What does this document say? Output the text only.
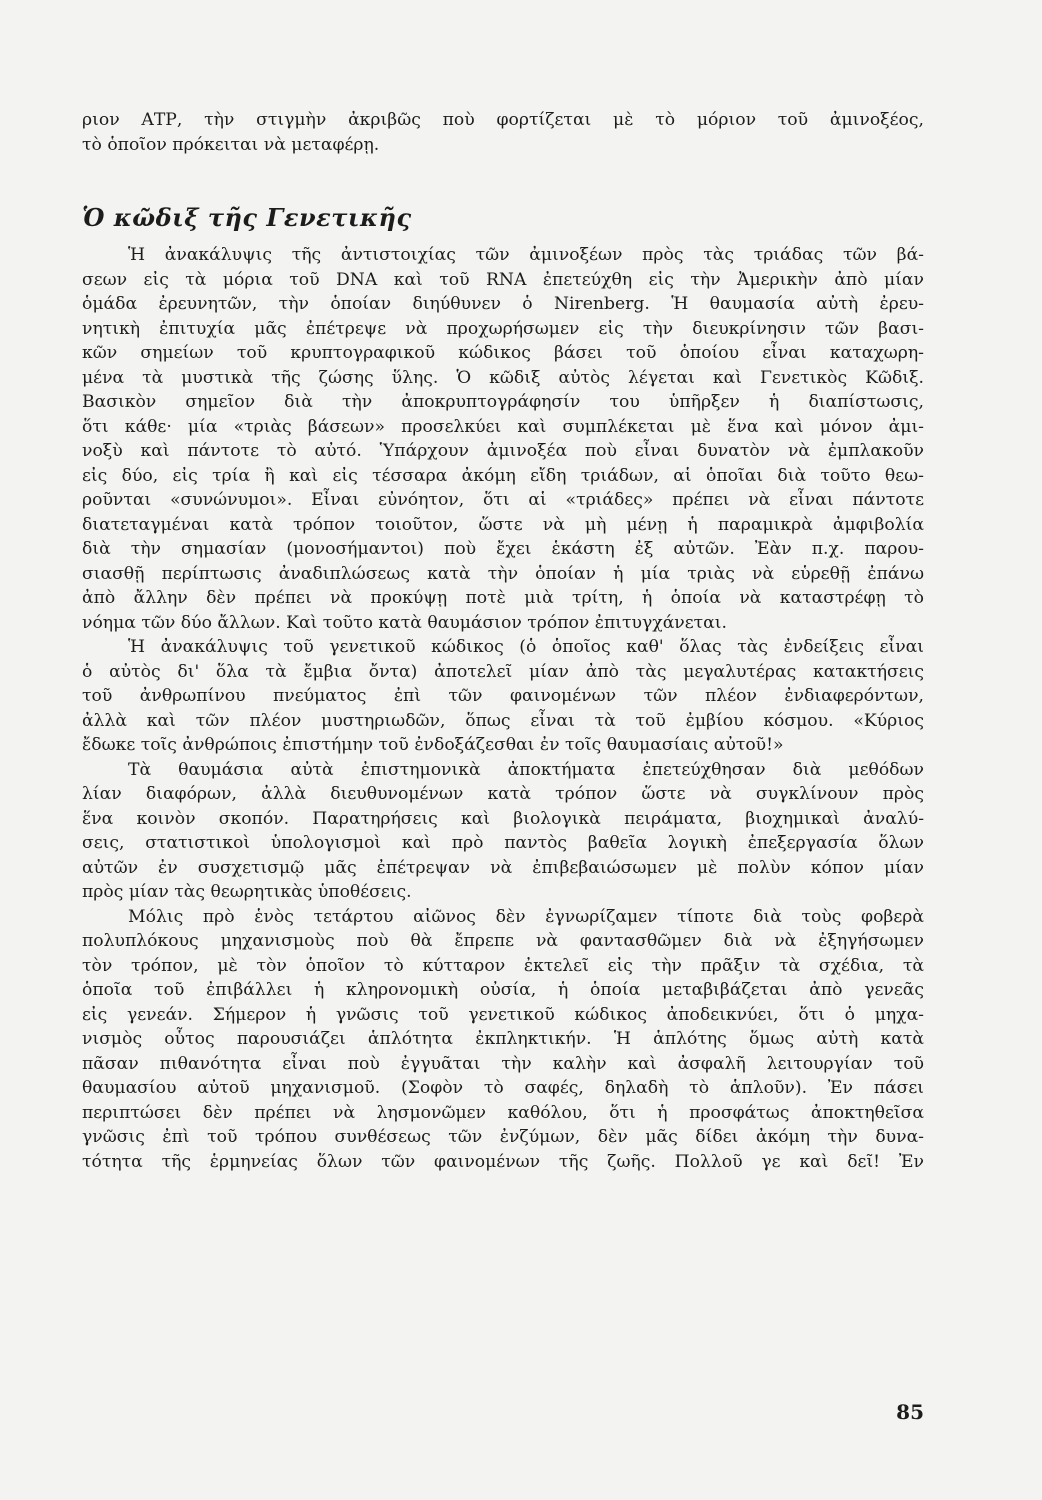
ριον ΑΤΡ, τὴν στιγμὴν ἀκριβῶς ποὺ φορτίζεται μὲ τὸ μόριον τοῦ ἀμινοξέος,
τὸ ὁποῖον πρόκειται νὰ μεταφέρῃ.
Ὁ κῶδιξ τῆς Γενετικῆς
Ἡ ἀνακάλυψις τῆς ἀντιστοιχίας τῶν ἀμινοξέων πρὸς τὰς τριάδας τῶν βά-
σεων εἰς τὰ μόρια τοῦ DNA καὶ τοῦ RNA ἐπετεύχθη εἰς τὴν Ἀμερικὴν ἀπὸ μίαν
ὁμάδα ἐρευνητῶν, τὴν ὁποίαν διηύθυνεν ὁ Nirenberg. Ἡ θαυμασία αὐτὴ ἐρευ-
νητικὴ ἐπιτυχία μᾶς ἐπέτρεψε νὰ προχωρήσωμεν εἰς τὴν διευκρίνησιν τῶν βασι-
κῶν σημείων τοῦ κρυπτογραφικοῦ κώδικος βάσει τοῦ ὁποίου εἶναι καταχωρη-
μένα τὰ μυστικὰ τῆς ζώσης ὕλης. Ὁ κῶδιξ αὐτὸς λέγεται καὶ Γενετικὸς Κῶδιξ.
Βασικὸν σημεῖον διὰ τὴν ἀποκρυπτογράφησίν του ὑπῆρξεν ἡ διαπίστωσις,
ὅτι κάθε· μία «τριὰς βάσεων» προσελκύει καὶ συμπλέκεται μὲ ἕνα καὶ μόνον ἀμι-
νοξὺ καὶ πάντοτε τὸ αὐτό. Ὑπάρχουν ἀμινοξέα ποὺ εἶναι δυνατὸν νὰ ἐμπλακοῦν
εἰς δύο, εἰς τρία ἢ καὶ εἰς τέσσαρα ἀκόμη εἴδη τριάδων, αἱ ὁποῖαι διὰ τοῦτο θεω-
ροῦνται «συνώνυμοι». Εἶναι εὐνόητον, ὅτι αἱ «τριάδες» πρέπει νὰ εἶναι πάντοτε
διατεταγμέναι κατὰ τρόπον τοιοῦτον, ὥστε νὰ μὴ μένῃ ἡ παραμικρὰ ἀμφιβολία
διὰ τὴν σημασίαν (μονοσήμαντοι) ποὺ ἔχει ἑκάστη ἐξ αὐτῶν. Ἐὰν π.χ. παρου-
σιασθῇ περίπτωσις ἀναδιπλώσεως κατὰ τὴν ὁποίαν ἡ μία τριὰς νὰ εὑρεθῇ ἐπάνω
ἀπὸ ἄλλην δὲν πρέπει νὰ προκύψῃ ποτὲ μιὰ τρίτη, ἡ ὁποία νὰ καταστρέφῃ τὸ
νόημα τῶν δύο ἄλλων. Καὶ τοῦτο κατὰ θαυμάσιον τρόπον ἐπιτυγχάνεται.
Ἡ ἀνακάλυψις τοῦ γενετικοῦ κώδικος (ὁ ὁποῖος καθ' ὅλας τὰς ἐνδείξεις εἶναι
ὁ αὐτὸς δι' ὅλα τὰ ἔμβια ὄντα) ἀποτελεῖ μίαν ἀπὸ τὰς μεγαλυτέρας κατακτήσεις
τοῦ ἀνθρωπίνου πνεύματος ἐπὶ τῶν φαινομένων τῶν πλέον ἐνδιαφερόντων,
ἀλλὰ καὶ τῶν πλέον μυστηριωδῶν, ὅπως εἶναι τὰ τοῦ ἐμβίου κόσμου. «Κύριος
ἔδωκε τοῖς ἀνθρώποις ἐπιστήμην τοῦ ἐνδοξάζεσθαι ἐν τοῖς θαυμασίαις αὐτοῦ!»
Τὰ θαυμάσια αὐτὰ ἐπιστημονικὰ ἀποκτήματα ἐπετεύχθησαν διὰ μεθόδων
λίαν διαφόρων, ἀλλὰ διευθυνομένων κατὰ τρόπον ὥστε νὰ συγκλίνουν πρὸς
ἕνα κοινὸν σκοπόν. Παρατηρήσεις καὶ βιολογικὰ πειράματα, βιοχημικαὶ ἀναλύ-
σεις, στατιστικοὶ ὑπολογισμοὶ καὶ πρὸ παντὸς βαθεῖα λογικὴ ἐπεξεργασία ὅλων
αὐτῶν ἐν συσχετισμῷ μᾶς ἐπέτρεψαν νὰ ἐπιβεβαιώσωμεν μὲ πολὺν κόπον μίαν
πρὸς μίαν τὰς θεωρητικὰς ὑποθέσεις.
Μόλις πρὸ ἑνὸς τετάρτου αἰῶνος δὲν ἐγνωρίζαμεν τίποτε διὰ τοὺς φοβερὰ
πολυπλόκους μηχανισμοὺς ποὺ θὰ ἔπρεπε νὰ φαντασθῶμεν διὰ νὰ ἐξηγήσωμεν
τὸν τρόπον, μὲ τὸν ὁποῖον τὸ κύτταρον ἐκτελεῖ εἰς τὴν πρᾶξιν τὰ σχέδια, τὰ
ὁποῖα τοῦ ἐπιβάλλει ἡ κληρονομικὴ οὐσία, ἡ ὁποία μεταβιβάζεται ἀπὸ γενεᾶς
εἰς γενεάν. Σήμερον ἡ γνῶσις τοῦ γενετικοῦ κώδικος ἀποδεικνύει, ὅτι ὁ μηχα-
νισμὸς οὗτος παρουσιάζει ἁπλότητα ἐκπληκτικήν. Ἡ ἁπλότης ὅμως αὐτὴ κατὰ
πᾶσαν πιθανότητα εἶναι ποὺ ἐγγυᾶται τὴν καλὴν καὶ ἀσφαλῆ λειτουργίαν τοῦ
θαυμασίου αὐτοῦ μηχανισμοῦ. (Σοφὸν τὸ σαφές, δηλαδὴ τὸ ἁπλοῦν). Ἐν πάσει
περιπτώσει δὲν πρέπει νὰ λησμονῶμεν καθόλου, ὅτι ἡ προσφάτως ἀποκτηθεῖσα
γνῶσις ἐπὶ τοῦ τρόπου συνθέσεως τῶν ἐνζύμων, δὲν μᾶς δίδει ἀκόμη τὴν δυνα-
τότητα τῆς ἑρμηνείας ὅλων τῶν φαινομένων τῆς ζωῆς. Πολλοῦ γε καὶ δεῖ! Ἐν
85
